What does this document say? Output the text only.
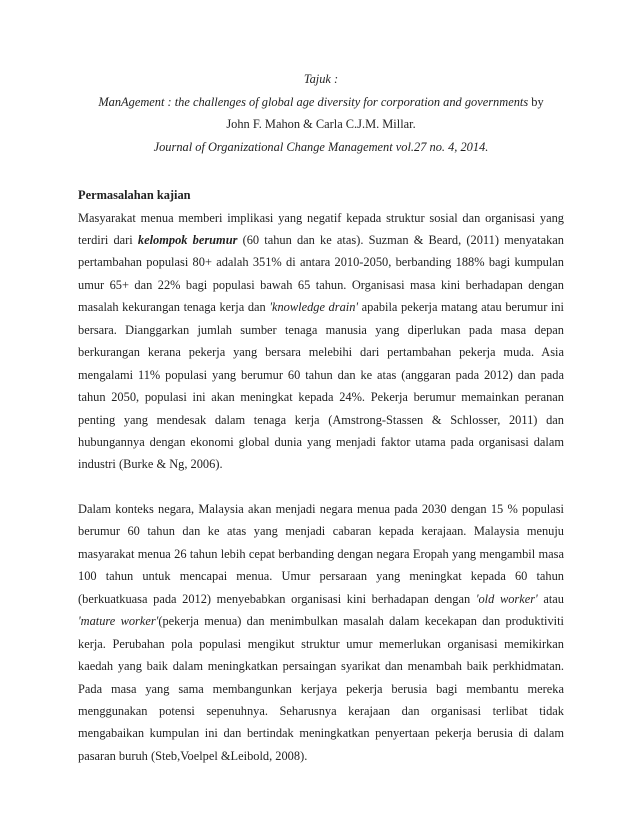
Tajuk :
ManAgement : the challenges of global age diversity for corporation and governments by
John F. Mahon & Carla C.J.M. Millar.
Journal of Organizational Change Management vol.27 no. 4, 2014.
Permasalahan kajian

Masyarakat menua memberi implikasi yang negatif kepada struktur sosial dan organisasi yang terdiri dari kelompok berumur (60 tahun dan ke atas). Suzman & Beard, (2011) menyatakan pertambahan populasi 80+ adalah 351% di antara 2010-2050, berbanding 188% bagi kumpulan umur 65+ dan 22% bagi populasi bawah 65 tahun. Organisasi masa kini berhadapan dengan masalah kekurangan tenaga kerja dan 'knowledge drain' apabila pekerja matang atau berumur ini bersara. Dianggarkan jumlah sumber tenaga manusia yang diperlukan pada masa depan berkurangan kerana pekerja yang bersara melebihi dari pertambahan pekerja muda. Asia mengalami 11% populasi yang berumur 60 tahun dan ke atas (anggaran pada 2012) dan pada tahun 2050, populasi ini akan meningkat kepada 24%. Pekerja berumur memainkan peranan penting yang mendesak dalam tenaga kerja (Amstrong-Stassen & Schlosser, 2011) dan hubungannya dengan ekonomi global dunia yang menjadi faktor utama pada organisasi dalam industri (Burke & Ng, 2006).

Dalam konteks negara, Malaysia akan menjadi negara menua pada 2030 dengan 15 % populasi berumur 60 tahun dan ke atas yang menjadi cabaran kepada kerajaan. Malaysia menuju masyarakat menua 26 tahun lebih cepat berbanding dengan negara Eropah yang mengambil masa 100 tahun untuk mencapai menua. Umur persaraan yang meningkat kepada 60 tahun (berkuatkuasa pada 2012) menyebabkan organisasi kini berhadapan dengan 'old worker' atau 'mature worker'(pekerja menua) dan menimbulkan masalah dalam kecekapan dan produktiviti kerja. Perubahan pola populasi mengikut struktur umur memerlukan organisasi memikirkan kaedah yang baik dalam meningkatkan persaingan syarikat dan menambah baik perkhidmatan. Pada masa yang sama membangunkan kerjaya pekerja berusia bagi membantu mereka menggunakan potensi sepenuhnya. Seharusnya kerajaan dan organisasi terlibat tidak mengabaikan kumpulan ini dan bertindak meningkatkan penyertaan pekerja berusia di dalam pasaran buruh (Steb,Voelpel &Leibold, 2008).
